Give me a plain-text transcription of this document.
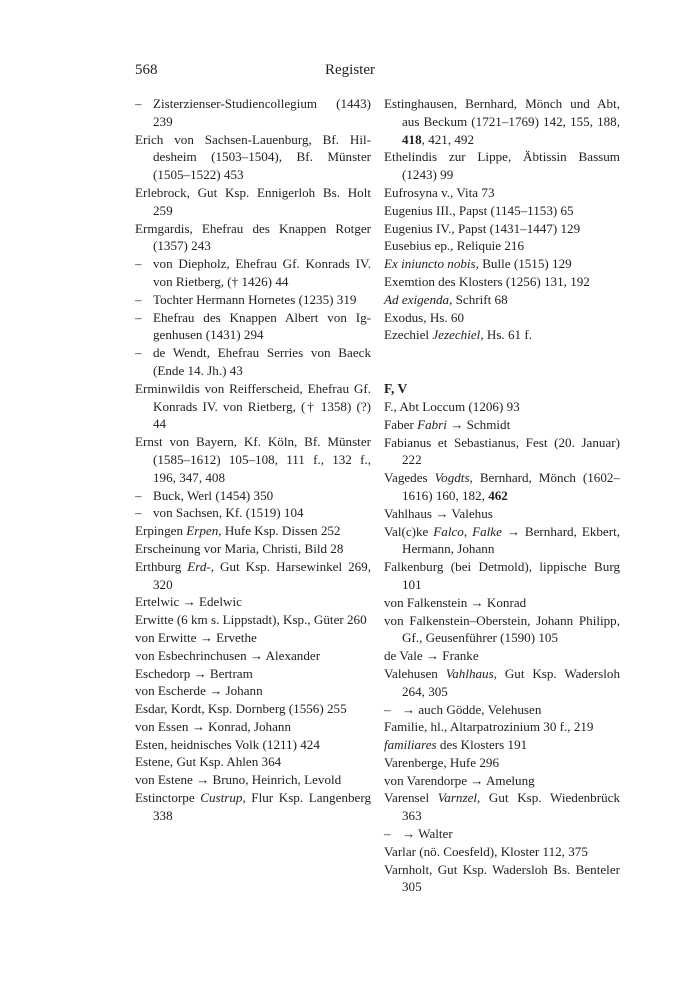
568	Register
– Zisterzienser-Studiencollegium (1443) 239
Erich von Sachsen-Lauenburg, Bf. Hildesheim (1503–1504), Bf. Münster (1505–1522) 453
Erlebrock, Gut Ksp. Ennigerloh Bs. Holt 259
Ermgardis, Ehefrau des Knappen Rotger (1357) 243
– von Diepholz, Ehefrau Gf. Konrads IV. von Rietberg, († 1426) 44
– Tochter Hermann Hornetes (1235) 319
– Ehefrau des Knappen Albert von Iggenhusen (1431) 294
– de Wendt, Ehefrau Serries von Baeck (Ende 14. Jh.) 43
Erminwildis von Reifferscheid, Ehefrau Gf. Konrads IV. von Rietberg, († 1358) (?) 44
Ernst von Bayern, Kf. Köln, Bf. Münster (1585–1612) 105–108, 111 f., 132 f., 196, 347, 408
– Buck, Werl (1454) 350
– von Sachsen, Kf. (1519) 104
Erpingen Erpen, Hufe Ksp. Dissen 252
Erscheinung vor Maria, Christi, Bild 28
Erthburg Erd-, Gut Ksp. Harsewinkel 269, 320
Ertelwic → Edelwic
Erwitte (6 km s. Lippstadt), Ksp., Güter 260
von Erwitte → Ervethe
von Esbechrinchusen → Alexander
Eschedorp → Bertram
von Escherde → Johann
Esdar, Kordt, Ksp. Dornberg (1556) 255
von Essen → Konrad, Johann
Esten, heidnisches Volk (1211) 424
Estene, Gut Ksp. Ahlen 364
von Estene → Bruno, Heinrich, Levold
Estinctorpe Custrup, Flur Ksp. Langenberg 338
Estinghausen, Bernhard, Mönch und Abt, aus Beckum (1721–1769) 142, 155, 188, 418, 421, 492
Ethelindis zur Lippe, Äbtissin Bassum (1243) 99
Eufrosyna v., Vita 73
Eugenius III., Papst (1145–1153) 65
Eugenius IV., Papst (1431–1447) 129
Eusebius ep., Reliquie 216
Ex iniuncto nobis, Bulle (1515) 129
Exemtion des Klosters (1256) 131, 192
Ad exigenda, Schrift 68
Exodus, Hs. 60
Ezechiel Jezechiel, Hs. 61 f.
F, V
F., Abt Loccum (1206) 93
Faber Fabri → Schmidt
Fabianus et Sebastianus, Fest (20. Januar) 222
Vagedes Vogdts, Bernhard, Mönch (1602–1616) 160, 182, 462
Vahlhaus → Valehus
Val(c)ke Falco, Falke → Bernhard, Ekbert, Hermann, Johann
Falkenburg (bei Detmold), lippische Burg 101
von Falkenstein → Konrad
von Falkenstein–Oberstein, Johann Philipp, Gf., Geusenführer (1590) 105
de Vale → Franke
Valehusen Vahlhaus, Gut Ksp. Wadersloh 264, 305
– → auch Gödde, Velehusen
Familie, hl., Altarpatrozinium 30 f., 219
familiares des Klosters 191
Varenberge, Hufe 296
von Varendorpe → Amelung
Varensel Varnzel, Gut Ksp. Wiedenbrück 363
– → Walter
Varlar (nö. Coesfeld), Kloster 112, 375
Varnholt, Gut Ksp. Wadersloh Bs. Benteler 305
